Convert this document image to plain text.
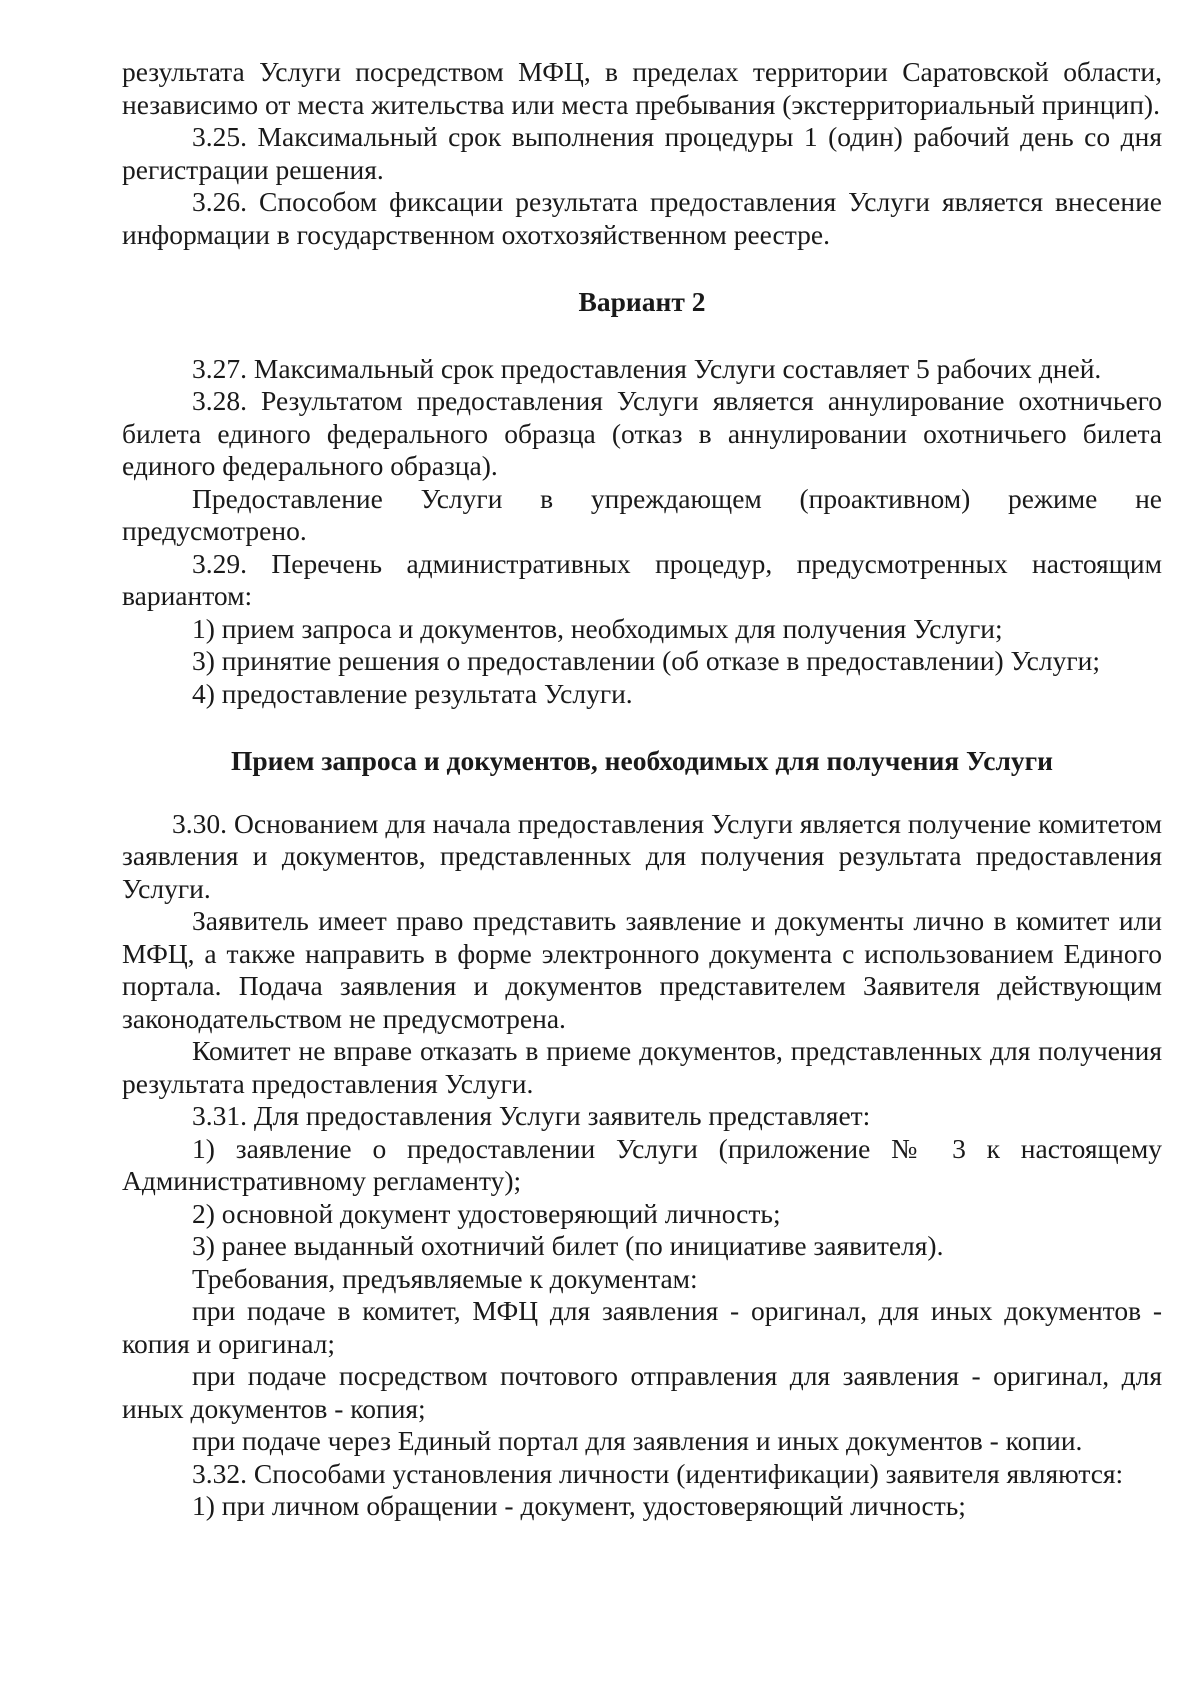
результата Услуги посредством МФЦ, в пределах территории Саратовской области, независимо от места жительства или места пребывания (экстерриториальный принцип).

3.25. Максимальный срок выполнения процедуры 1 (один) рабочий день со дня регистрации решения.

3.26. Способом фиксации результата предоставления Услуги является внесение информации в государственном охотхозяйственном реестре.

Вариант 2

3.27. Максимальный срок предоставления Услуги составляет 5 рабочих дней.

3.28. Результатом предоставления Услуги является аннулирование охотничьего билета единого федерального образца (отказ в аннулировании охотничьего билета единого федерального образца).

Предоставление Услуги в упреждающем (проактивном) режиме не предусмотрено.

3.29. Перечень административных процедур, предусмотренных настоящим вариантом:

1) прием запроса и документов, необходимых для получения Услуги;

3) принятие решения о предоставлении (об отказе в предоставлении) Услуги;

4) предоставление результата Услуги.

Прием запроса и документов, необходимых для получения Услуги

3.30. Основанием для начала предоставления Услуги является получение комитетом заявления и документов, представленных для получения результата предоставления Услуги.

Заявитель имеет право представить заявление и документы лично в комитет или МФЦ, а также направить в форме электронного документа с использованием Единого портала. Подача заявления и документов представителем Заявителя действующим законодательством не предусмотрена.

Комитет не вправе отказать в приеме документов, представленных для получения результата предоставления Услуги.

3.31. Для предоставления Услуги заявитель представляет:

1) заявление о предоставлении Услуги (приложение № 3 к настоящему Административному регламенту);

2) основной документ удостоверяющий личность;

3) ранее выданный охотничий билет (по инициативе заявителя).

Требования, предъявляемые к документам:

при подаче в комитет, МФЦ для заявления - оригинал, для иных документов - копия и оригинал;

при подаче посредством почтового отправления для заявления - оригинал, для иных документов - копия;

при подаче через Единый портал для заявления и иных документов - копии.

3.32. Способами установления личности (идентификации) заявителя являются:

1) при личном обращении - документ, удостоверяющий личность;
